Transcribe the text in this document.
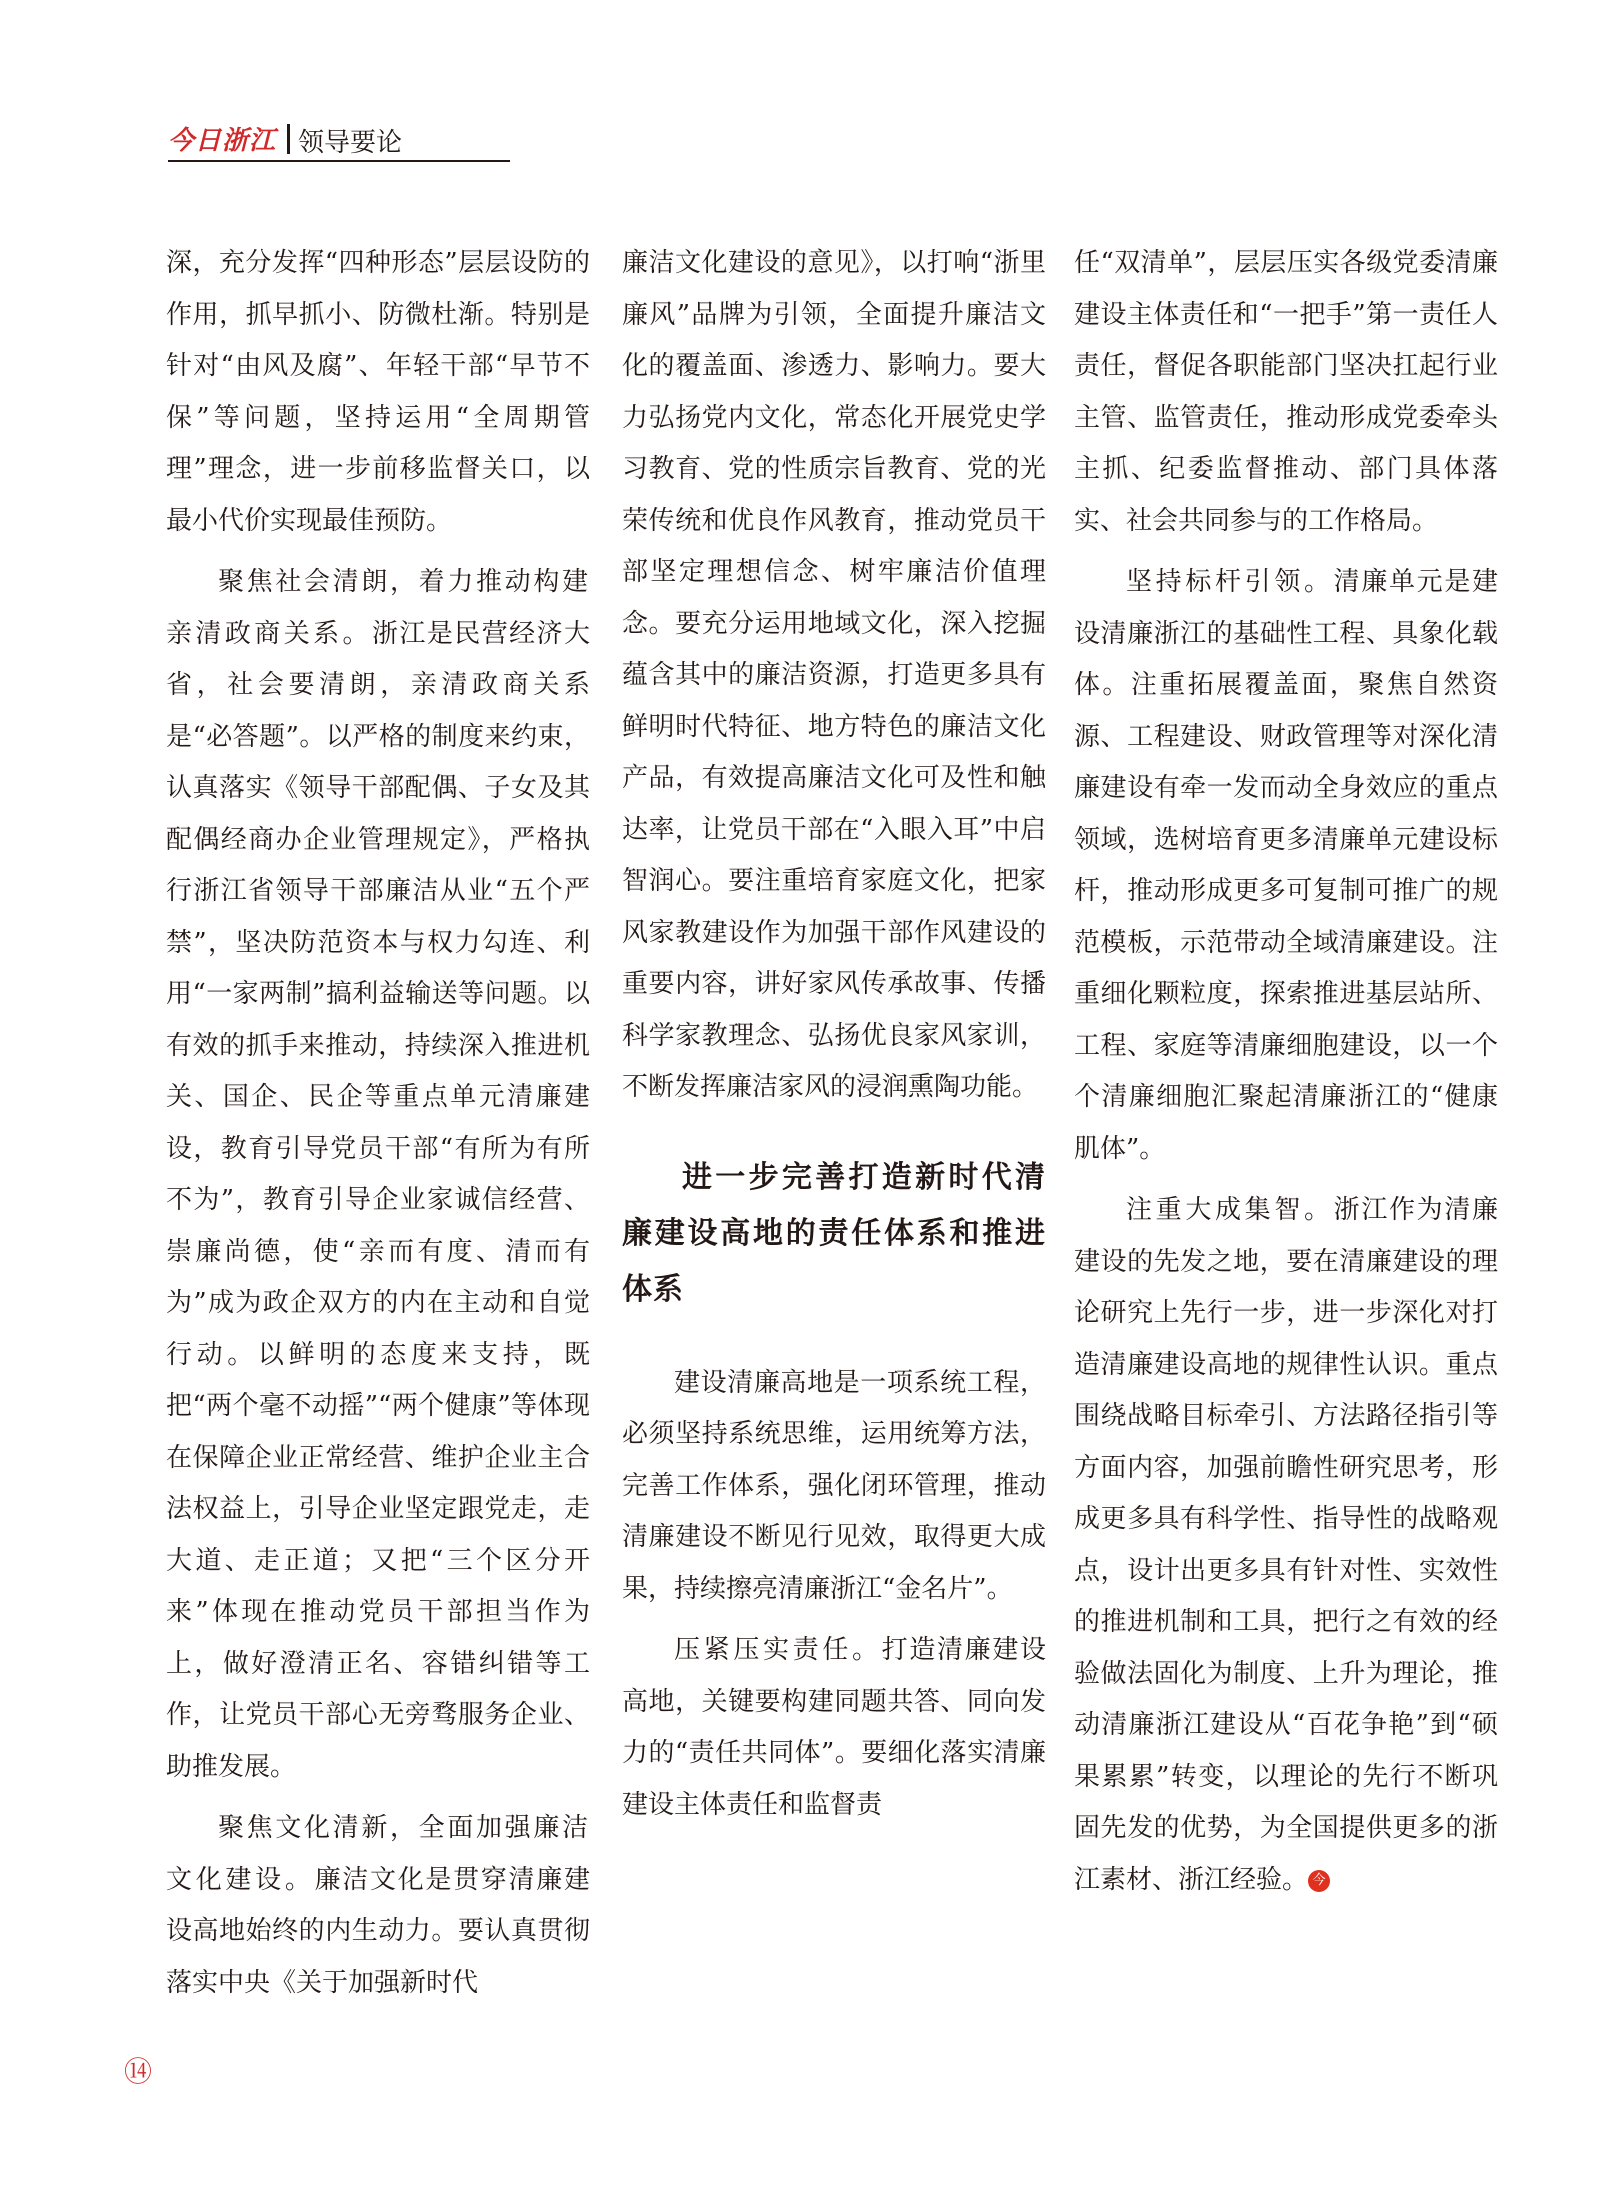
今日浙江 领导要论

深，充分发挥“四种形态”层层设防的作用，抓早抓小、防微杜渐。特别是针对“由风及腐”、年轻干部“早节不保”等问题，坚持运用“全周期管理”理念，进一步前移监督关口，以最小代价实现最佳预防。

聚焦社会清朗，着力推动构建亲清政商关系。浙江是民营经济大省，社会要清朗，亲清政商关系是“必答题”。以严格的制度来约束，认真落实《领导干部配偶、子女及其配偶经商办企业管理规定》，严格执行浙江省领导干部廉洁从业“五个严禁”，坚决防范资本与权力勾连、利用“一家两制”搞利益输送等问题。以有效的抓手来推动，持续深入推进机关、国企、民企等重点单元清廉建设，教育引导党员干部“有所为有所不为”，教育引导企业家诚信经营、崇廉尚德，使“亲而有度、清而有为”成为政企双方的内在主动和自觉行动。以鲜明的态度来支持，既把“两个毫不动摇”“两个健康”等体现在保障企业正常经营、维护企业主合法权益上，引导企业坚定跟党走，走大道、走正道；又把“三个区分开来”体现在推动党员干部担当作为上，做好澄清正名、容错纠错等工作，让党员干部心无旁骛服务企业、助推发展。

聚焦文化清新，全面加强廉洁文化建设。廉洁文化是贯穿清廉建设高地始终的内生动力。要认真贯彻落实中央《关于加强新时代

廉洁文化建设的意见》，以打响“浙里廉风”品牌为引领，全面提升廉洁文化的覆盖面、渗透力、影响力。要大力弘扬党内文化，常态化开展党史学习教育、党的性质宗旨教育、党的光荣传统和优良作风教育，推动党员干部坚定理想信念、树牢廉洁价值理念。要充分运用地域文化，深入挖掘蕴含其中的廉洁资源，打造更多具有鲜明时代特征、地方特色的廉洁文化产品，有效提高廉洁文化可及性和触达率，让党员干部在“入眼入耳”中启智润心。要注重培育家庭文化，把家风家教建设作为加强干部作风建设的重要内容，讲好家风传承故事、传播科学家教理念、弘扬优良家风家训，不断发挥廉洁家风的浸润熏陶功能。

进一步完善打造新时代清廉建设高地的责任体系和推进体系

建设清廉高地是一项系统工程，必须坚持系统思维，运用统筹方法，完善工作体系，强化闭环管理，推动清廉建设不断见行见效，取得更大成果，持续擦亮清廉浙江“金名片”。

压紧压实责任。打造清廉建设高地，关键要构建同题共答、同向发力的“责任共同体”。要细化落实清廉建设主体责任和监督责

任“双清单”，层层压实各级党委清廉建设主体责任和“一把手”第一责任人责任，督促各职能部门坚决扛起行业主管、监管责任，推动形成党委牵头主抓、纪委监督推动、部门具体落实、社会共同参与的工作格局。

坚持标杆引领。清廉单元是建设清廉浙江的基础性工程、具象化载体。注重拓展覆盖面，聚焦自然资源、工程建设、财政管理等对深化清廉建设有牵一发而动全身效应的重点领域，选树培育更多清廉单元建设标杆，推动形成更多可复制可推广的规范模板，示范带动全域清廉建设。注重细化颗粒度，探索推进基层站所、工程、家庭等清廉细胞建设，以一个个清廉细胞汇聚起清廉浙江的“健康肌体”。

注重大成集智。浙江作为清廉建设的先发之地，要在清廉建设的理论研究上先行一步，进一步深化对打造清廉建设高地的规律性认识。重点围绕战略目标牵引、方法路径指引等方面内容，加强前瞻性研究思考，形成更多具有科学性、指导性的战略观点，设计出更多具有针对性、实效性的推进机制和工具，把行之有效的经验做法固化为制度、上升为理论，推动清廉浙江建设从“百花争艳”到“硕果累累”转变，以理论的先行不断巩固先发的优势，为全国提供更多的浙江素材、浙江经验。 今

⑭
